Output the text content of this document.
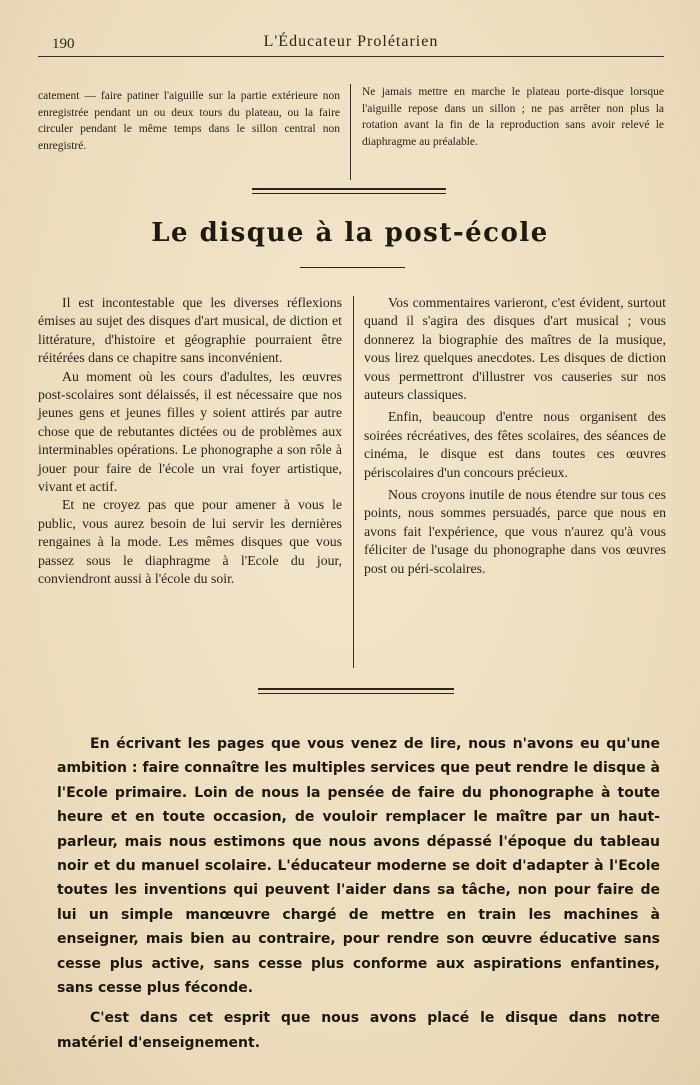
190	L'Éducateur Prolétarien

catement — faire patiner l'aiguille sur la partie extérieure non enregistrée pendant un ou deux tours du plateau, ou la faire circuler pendant le même temps dans le sillon central non enregistré.

Ne jamais mettre en marche le plateau porte-disque lorsque l'aiguille repose dans un sillon ; ne pas arrêter non plus la rotation avant la fin de la reproduction sans avoir relevé le diaphragme au préalable.

Le disque à la post-école

Il est incontestable que les diverses réflexions émises au sujet des disques d'art musical, de diction et littérature, d'histoire et géographie pourraient être réitérées dans ce chapitre sans inconvénient.

Au moment où les cours d'adultes, les œuvres post-scolaires sont délaissés, il est nécessaire que nos jeunes gens et jeunes filles y soient attirés par autre chose que de rebutantes dictées ou de problèmes aux interminables opérations. Le phonographe a son rôle à jouer pour faire de l'école un vrai foyer artistique, vivant et actif.

Et ne croyez pas que pour amener à vous le public, vous aurez besoin de lui servir les dernières rengaines à la mode. Les mêmes disques que vous passez sous le diaphragme à l'Ecole du jour, conviendront aussi à l'école du soir.

Vos commentaires varieront, c'est évident, surtout quand il s'agira des disques d'art musical ; vous donnerez la biographie des maîtres de la musique, vous lirez quelques anecdotes. Les disques de diction vous permettront d'illustrer vos causeries sur nos auteurs classiques.

Enfin, beaucoup d'entre nous organisent des soirées récréatives, des fêtes scolaires, des séances de cinéma, le disque est dans toutes ces œuvres périscolaires d'un concours précieux.

Nous croyons inutile de nous étendre sur tous ces points, nous sommes persuadés, parce que nous en avons fait l'expérience, que vous n'aurez qu'à vous féliciter de l'usage du phonographe dans vos œuvres post ou péri-scolaires.

En écrivant les pages que vous venez de lire, nous n'avons eu qu'une ambition : faire connaître les multiples services que peut rendre le disque à l'Ecole primaire. Loin de nous la pensée de faire du phonographe à toute heure et en toute occasion, de vouloir remplacer le maître par un haut-parleur, mais nous estimons que nous avons dépassé l'époque du tableau noir et du manuel scolaire. L'éducateur moderne se doit d'adapter à l'Ecole toutes les inventions qui peuvent l'aider dans sa tâche, non pour faire de lui un simple manœuvre chargé de mettre en train les machines à enseigner, mais bien au contraire, pour rendre son œuvre éducative sans cesse plus active, sans cesse plus conforme aux aspirations enfantines, sans cesse plus féconde.

C'est dans cet esprit que nous avons placé le disque dans notre matériel d'enseignement.
